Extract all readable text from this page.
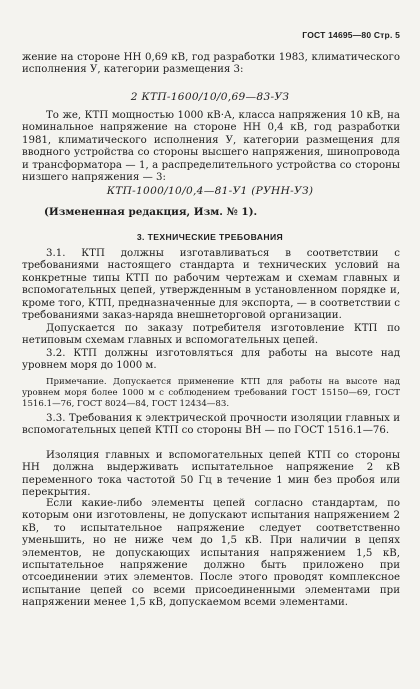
ГОСТ 14695—80 Стр. 5

жение на стороне НН 0,69 кВ, год разработки 1983, климатического исполнения У, категории размещения 3:

2 КТП-1600/10/0,69—83-УЗ

То же, КТП мощностью 1000 кВ·А, класса напряжения 10 кВ, на номинальное напряжение на стороне НН 0,4 кВ, год разработки 1981, климатического исполнения У, категории размещения для вводного устройства со стороны высшего напряжения, шинопровода и трансформатора — 1, а распределительного устройства со стороны низшего напряжения — 3:

КТП-1000/10/0,4—81-У1 (РУНН-УЗ)
(Измененная редакция, Изм. № 1).
3. ТЕХНИЧЕСКИЕ ТРЕБОВАНИЯ

3.1. КТП должны изготавливаться в соответствии с требованиями настоящего стандарта и технических условий на конкретные типы КТП по рабочим чертежам и схемам главных и вспомогательных цепей, утвержденным в установленном порядке и, кроме того, КТП, предназначенные для экспорта, — в соответствии с требованиями заказ-наряда внешнеторговой организации.

Допускается по заказу потребителя изготовление КТП по нетиповым схемам главных и вспомогательных цепей.

3.2. КТП должны изготовляться для работы на высоте над уровнем моря до 1000 м.

Примечание. Допускается применение КТП для работы на высоте над уровнем моря более 1000 м с соблюдением требований ГОСТ 15150—69, ГОСТ 1516.1—76, ГОСТ 8024—84, ГОСТ 12434—83.

3.3. Требования к электрической прочности изоляции главных и вспомогательных цепей КТП со стороны ВН — по ГОСТ 1516.1—76.

Изоляция главных и вспомогательных цепей КТП со стороны НН должна выдерживать испытательное напряжение 2 кВ переменного тока частотой 50 Гц в течение 1 мин без пробоя или перекрытия.

Если какие-либо элементы цепей согласно стандартам, по которым они изготовлены, не допускают испытания напряжением 2 кВ, то испытательное напряжение следует соответственно уменьшить, но не ниже чем до 1,5 кВ. При наличии в цепях элементов, не допускающих испытания напряжением 1,5 кВ, испытательное напряжение должно быть приложено при отсоединении этих элементов. После этого проводят комплексное испытание цепей со всеми присоединенными элементами при напряжении менее 1,5 кВ, допускаемом всеми элементами.
